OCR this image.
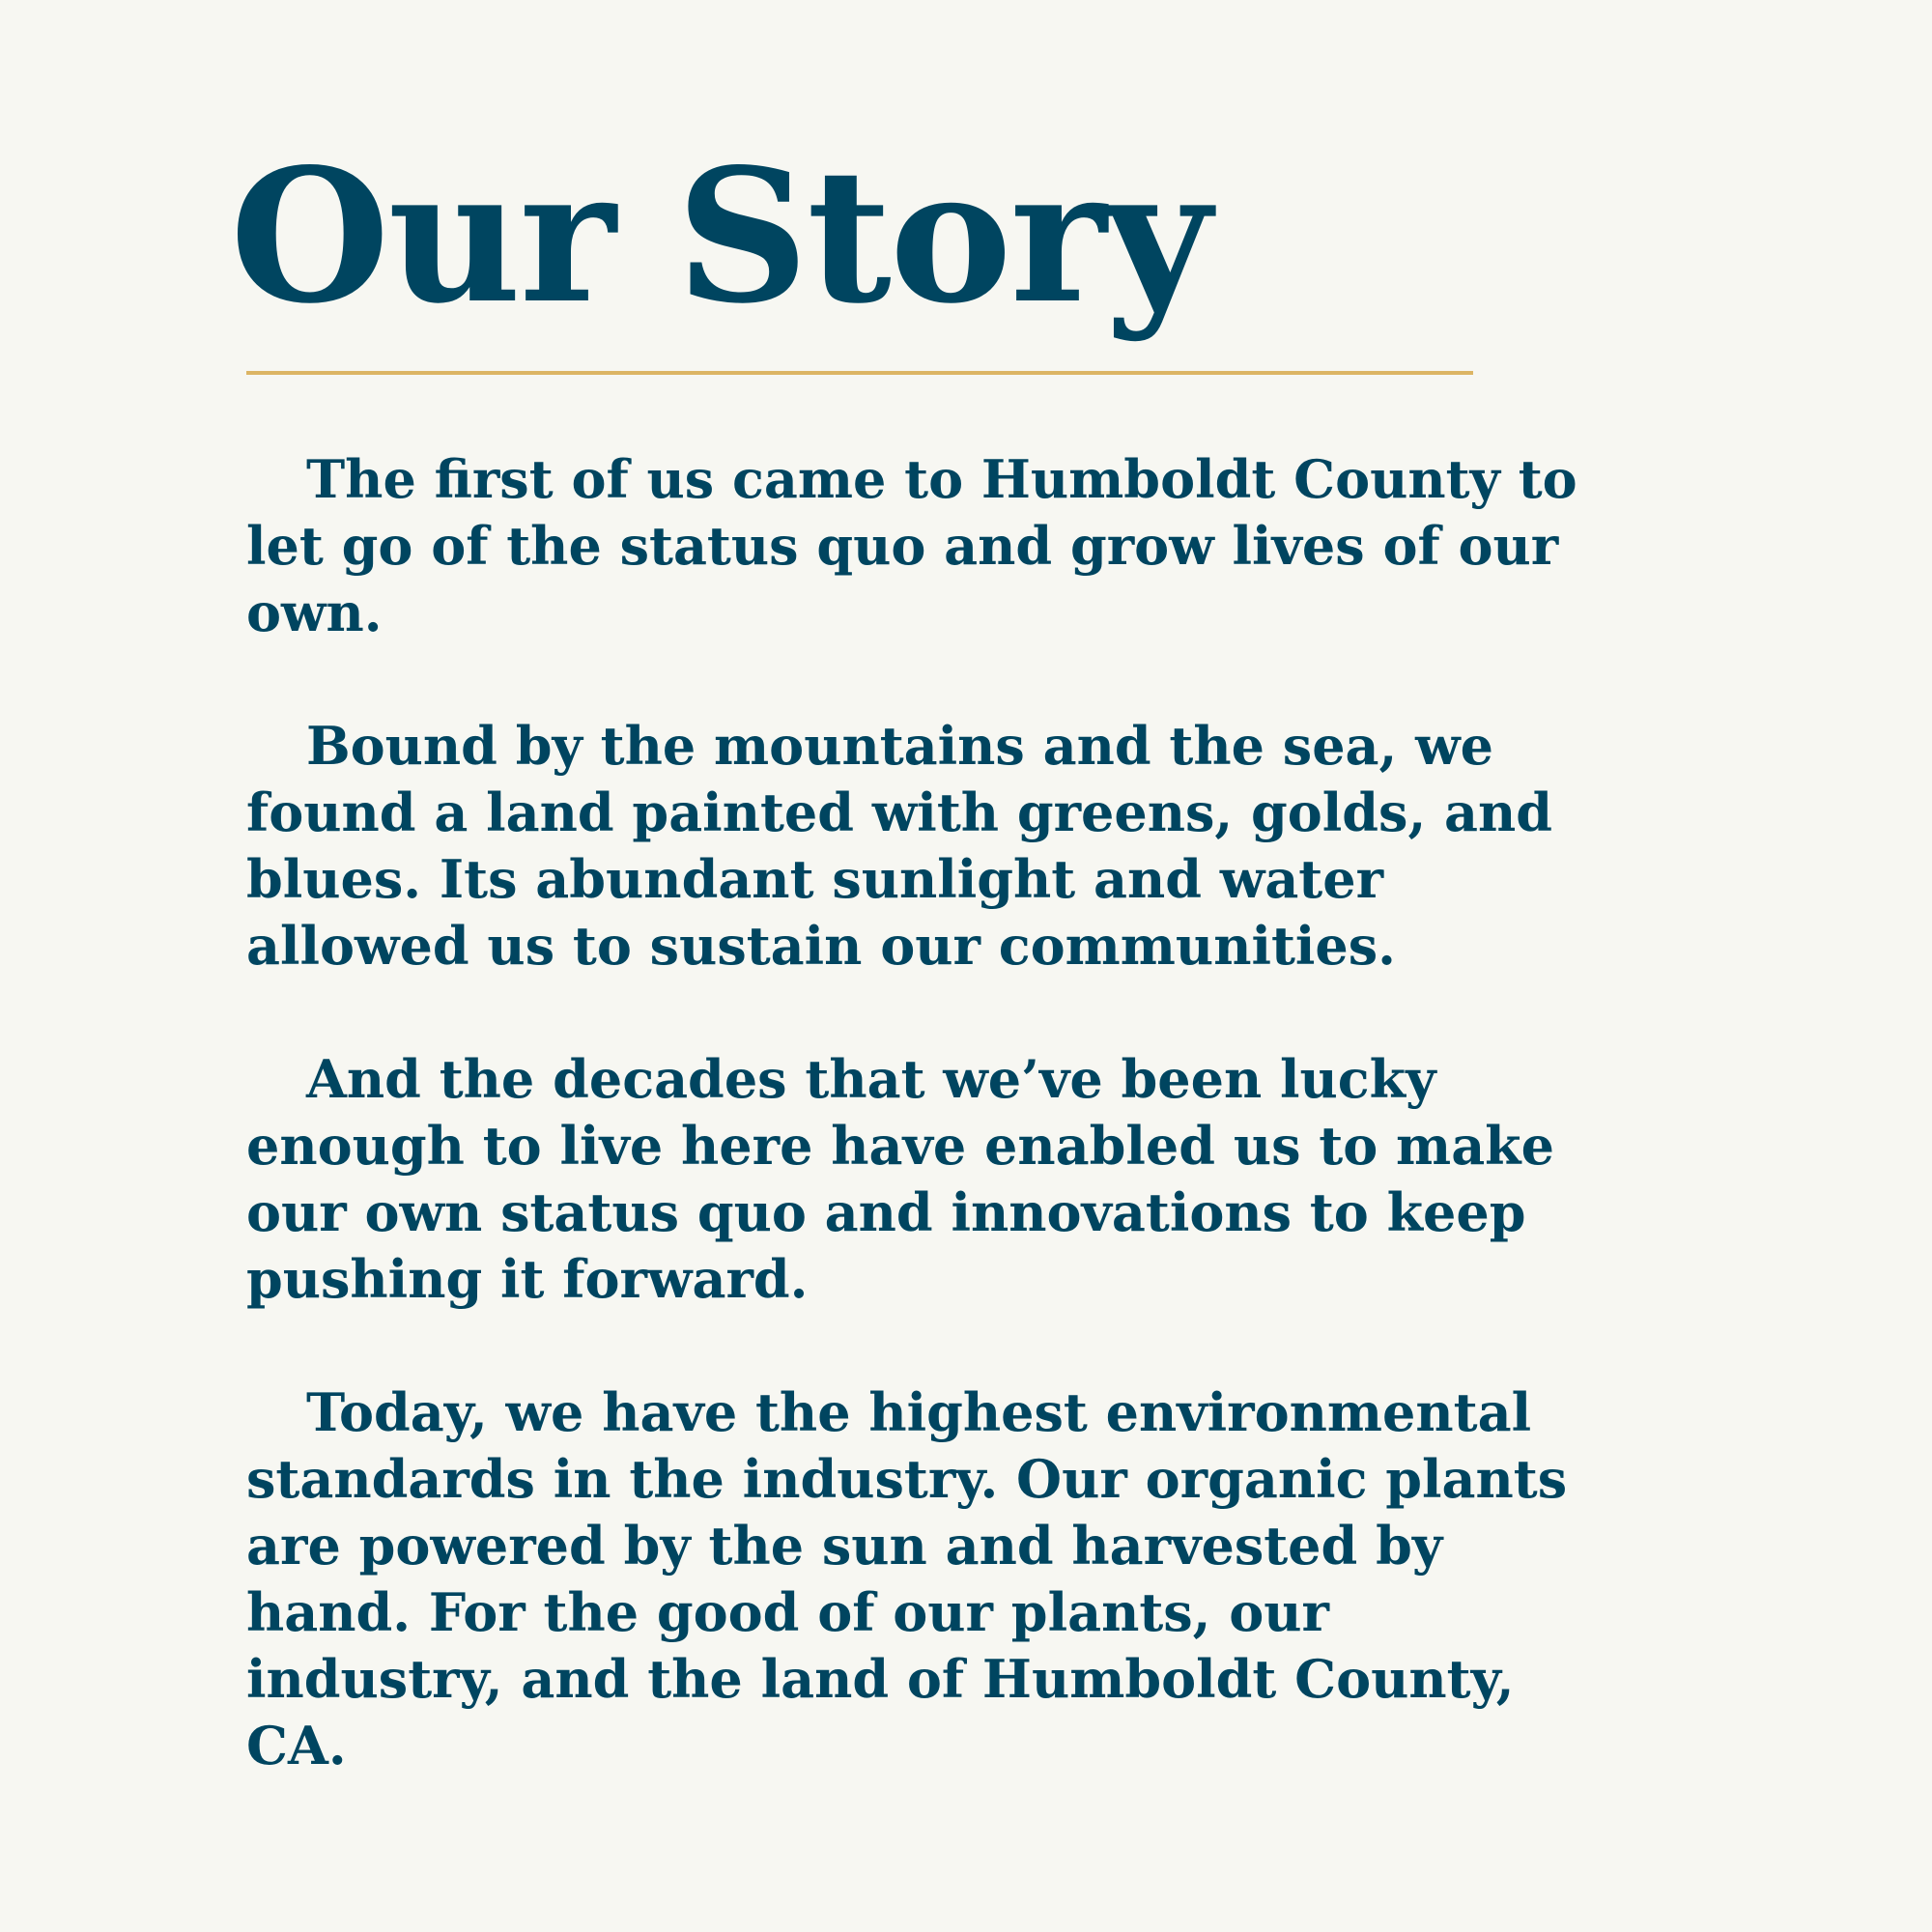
Our Story

The first of us came to Humboldt County to let go of the status quo and grow lives of our own.

Bound by the mountains and the sea, we found a land painted with greens, golds, and blues. Its abundant sunlight and water allowed us to sustain our communities.

And the decades that we’ve been lucky enough to live here have enabled us to make our own status quo and innovations to keep pushing it forward.

Today, we have the highest environmental standards in the industry. Our organic plants are powered by the sun and harvested by hand. For the good of our plants, our industry, and the land of Humboldt County, CA.
